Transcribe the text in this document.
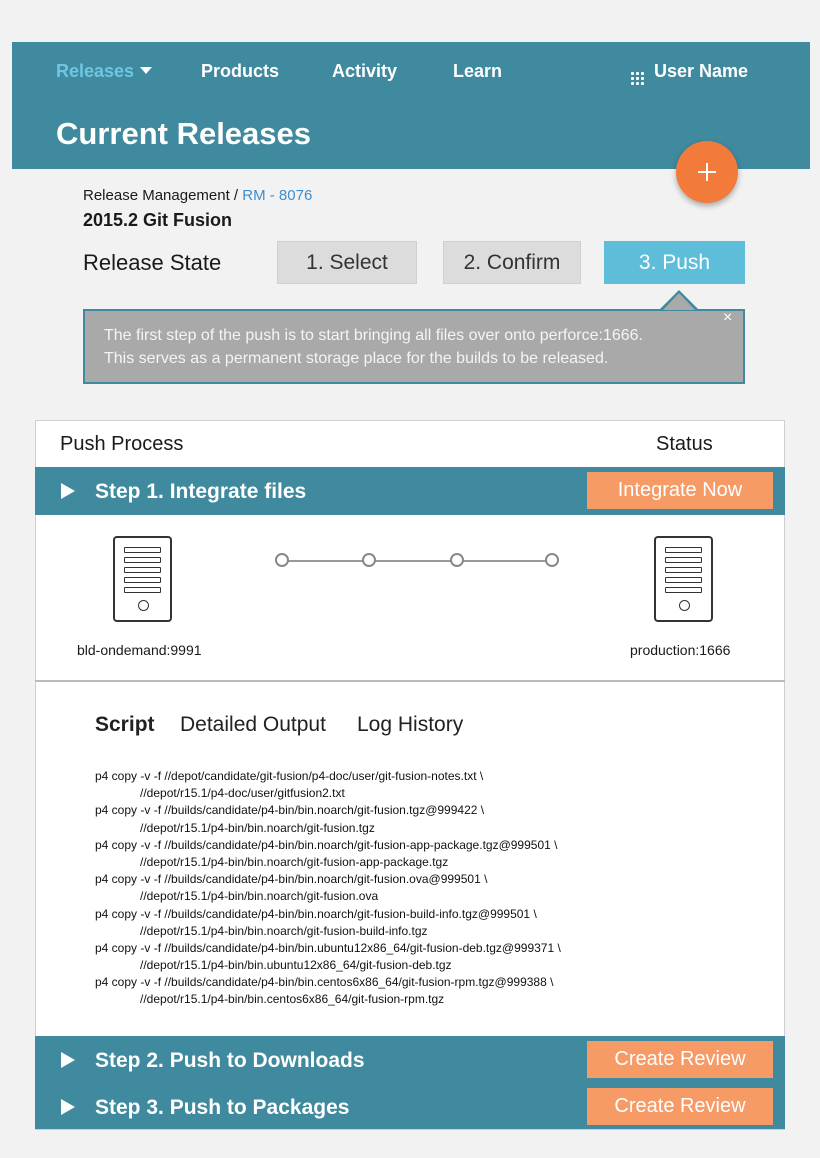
Releases	Products	Activity	Learn	User Name
Current Releases
Release Management / RM - 8076
2015.2 Git Fusion
Release State	1. Select	2. Confirm	3. Push
The first step of the push is to start bringing all files over onto perforce:1666.
This serves as a permanent storage place for the builds to be released.
×
Push Process	Status
Step 1. Integrate files	Integrate Now
bld-ondemand:9991	production:1666
Script Detailed Output Log History
p4 copy -v -f //depot/candidate/git-fusion/p4-doc/user/git-fusion-notes.txt \
//depot/r15.1/p4-doc/user/gitfusion2.txt
p4 copy -v -f //builds/candidate/p4-bin/bin.noarch/git-fusion.tgz@999422 \
//depot/r15.1/p4-bin/bin.noarch/git-fusion.tgz
p4 copy -v -f //builds/candidate/p4-bin/bin.noarch/git-fusion-app-package.tgz@999501 \
//depot/r15.1/p4-bin/bin.noarch/git-fusion-app-package.tgz
p4 copy -v -f //builds/candidate/p4-bin/bin.noarch/git-fusion.ova@999501 \
//depot/r15.1/p4-bin/bin.noarch/git-fusion.ova
p4 copy -v -f //builds/candidate/p4-bin/bin.noarch/git-fusion-build-info.tgz@999501 \
//depot/r15.1/p4-bin/bin.noarch/git-fusion-build-info.tgz
p4 copy -v -f //builds/candidate/p4-bin/bin.ubuntu12x86_64/git-fusion-deb.tgz@999371 \
//depot/r15.1/p4-bin/bin.ubuntu12x86_64/git-fusion-deb.tgz
p4 copy -v -f //builds/candidate/p4-bin/bin.centos6x86_64/git-fusion-rpm.tgz@999388 \
//depot/r15.1/p4-bin/bin.centos6x86_64/git-fusion-rpm.tgz
Step 2. Push to Downloads	Create Review
Step 3. Push to Packages	Create Review
